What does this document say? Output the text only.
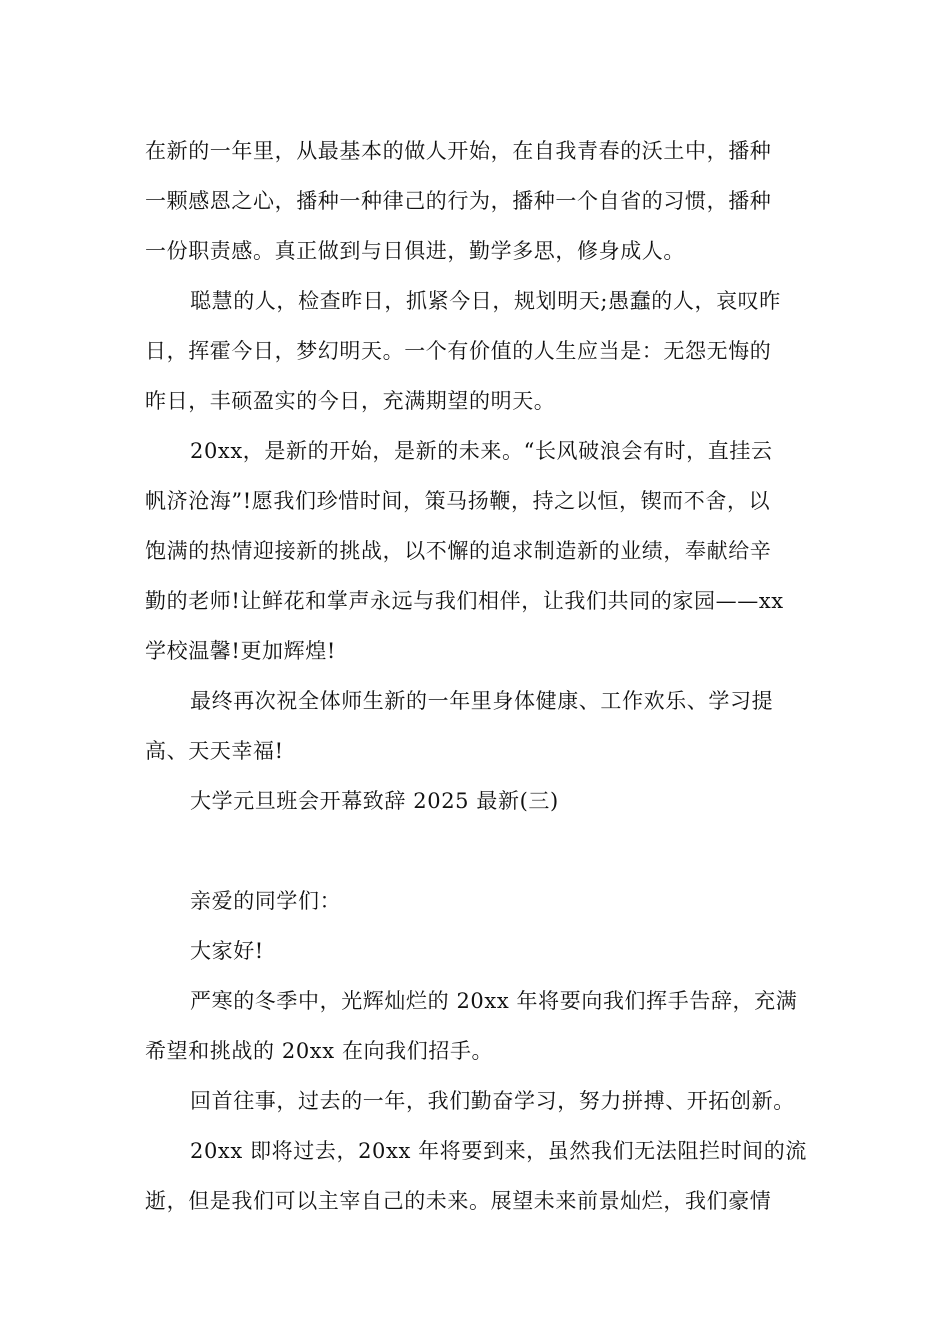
在新的一年里，从最基本的做人开始，在自我青春的沃土中，播种
一颗感恩之心，播种一种律己的行为，播种一个自省的习惯，播种
一份职责感。真正做到与日俱进，勤学多思，修身成人。
聪慧的人，检查昨日，抓紧今日，规划明天;愚蠢的人，哀叹昨
日，挥霍今日，梦幻明天。一个有价值的人生应当是：无怨无悔的
昨日，丰硕盈实的今日，充满期望的明天。
20xx，是新的开始，是新的未来。“长风破浪会有时，直挂云
帆济沧海”!愿我们珍惜时间，策马扬鞭，持之以恒，锲而不舍，以
饱满的热情迎接新的挑战，以不懈的追求制造新的业绩，奉献给辛
勤的老师!让鲜花和掌声永远与我们相伴，让我们共同的家园——xx
学校温馨!更加辉煌!
最终再次祝全体师生新的一年里身体健康、工作欢乐、学习提
高、天天幸福!
大学元旦班会开幕致辞 2025 最新(三)
亲爱的同学们：
大家好!
严寒的冬季中，光辉灿烂的 20xx 年将要向我们挥手告辞，充满
希望和挑战的 20xx 在向我们招手。
回首往事，过去的一年，我们勤奋学习，努力拼搏、开拓创新。
20xx 即将过去，20xx 年将要到来，虽然我们无法阻拦时间的流
逝，但是我们可以主宰自己的未来。展望未来前景灿烂，我们豪情
